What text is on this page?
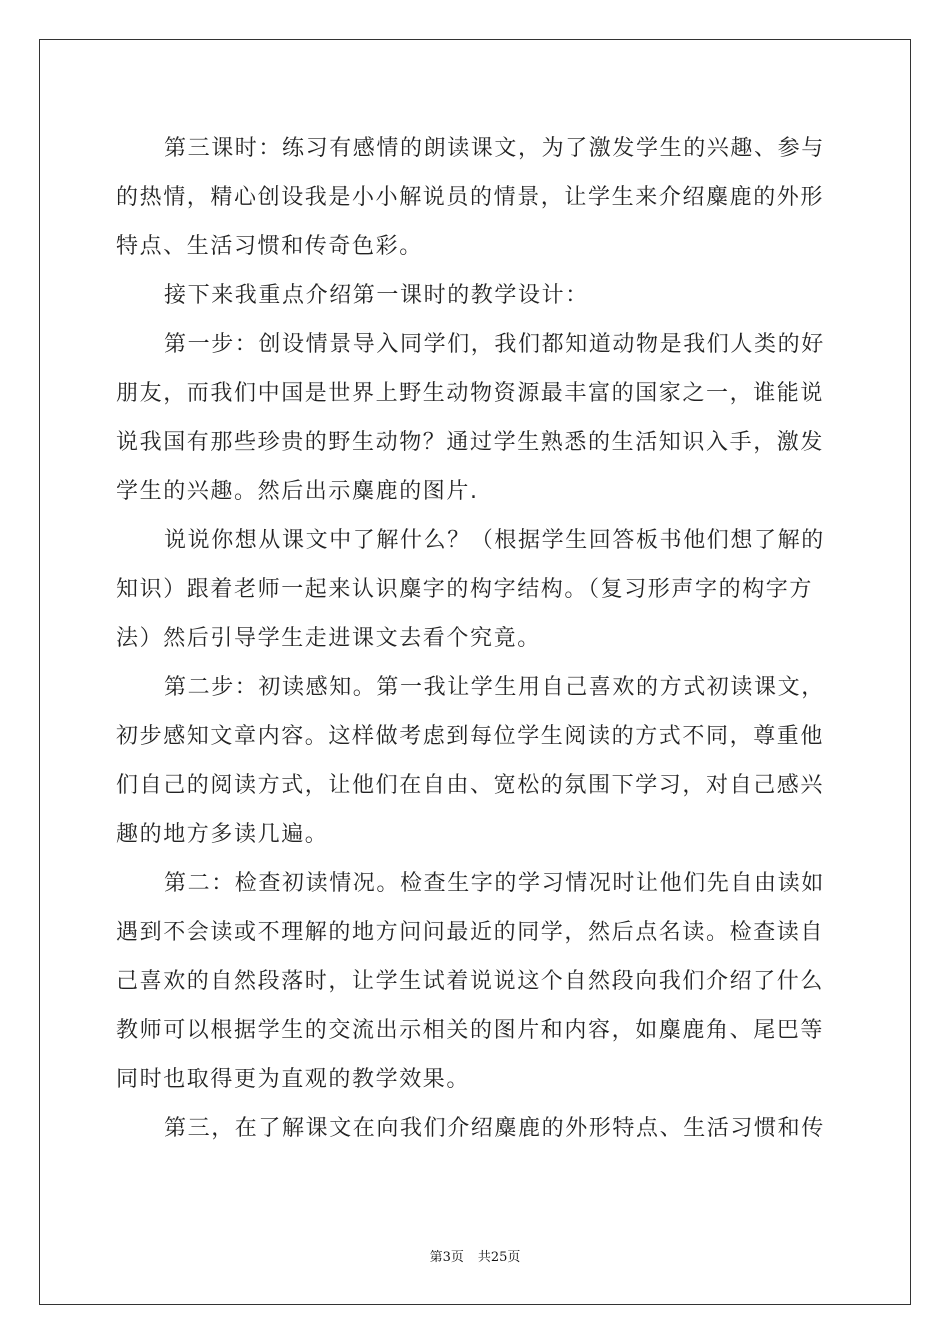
第三课时：练习有感情的朗读课文，为了激发学生的兴趣、参与
的热情，精心创设我是小小解说员的情景，让学生来介绍麋鹿的外形
特点、生活习惯和传奇色彩。
接下来我重点介绍第一课时的教学设计：
第一步：创设情景导入同学们，我们都知道动物是我们人类的好
朋友，而我们中国是世界上野生动物资源最丰富的国家之一，谁能说
说我国有那些珍贵的野生动物？通过学生熟悉的生活知识入手，激发
学生的兴趣。然后出示麋鹿的图片.
说说你想从课文中了解什么？（根据学生回答板书他们想了解的
知识）跟着老师一起来认识麋字的构字结构。（复习形声字的构字方
法）然后引导学生走进课文去看个究竟。
第二步：初读感知。第一我让学生用自己喜欢的方式初读课文，
初步感知文章内容。这样做考虑到每位学生阅读的方式不同，尊重他
们自己的阅读方式，让他们在自由、宽松的氛围下学习，对自己感兴
趣的地方多读几遍。
第二：检查初读情况。检查生字的学习情况时让他们先自由读如
遇到不会读或不理解的地方问问最近的同学，然后点名读。检查读自
己喜欢的自然段落时，让学生试着说说这个自然段向我们介绍了什么
教师可以根据学生的交流出示相关的图片和内容，如麋鹿角、尾巴等
同时也取得更为直观的教学效果。
第三，在了解课文在向我们介绍麋鹿的外形特点、生活习惯和传
第3页 共25页
